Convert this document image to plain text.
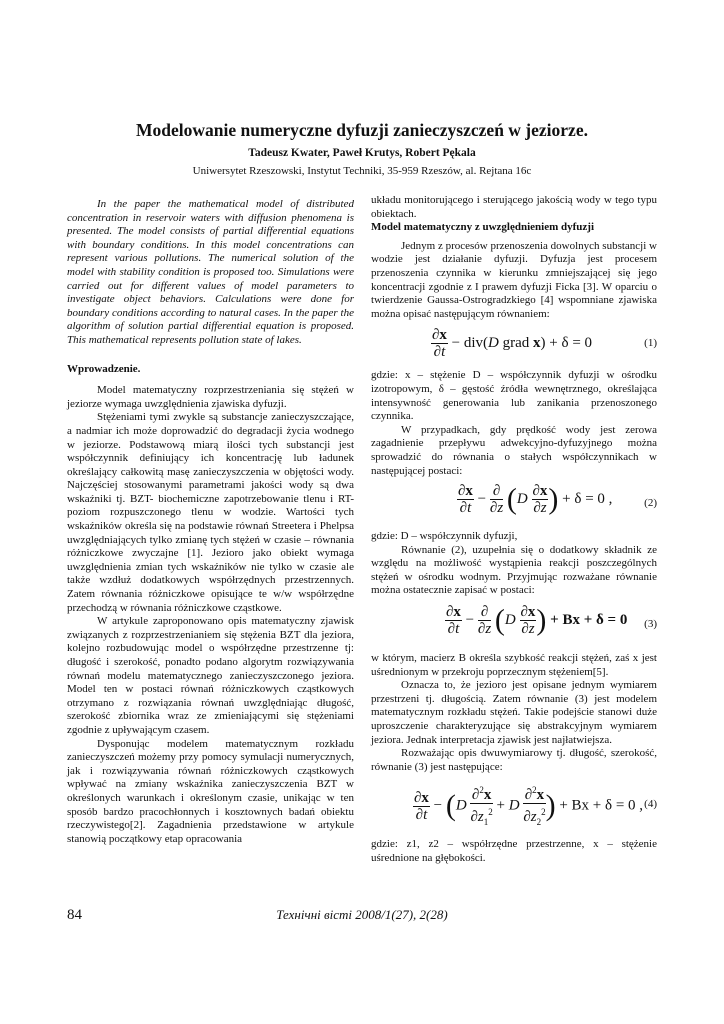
Modelowanie numeryczne dyfuzji zanieczyszczeń w jeziorze.
Tadeusz Kwater, Paweł Krutys, Robert Pękala
Uniwersytet Rzeszowski, Instytut Techniki, 35-959 Rzeszów, al. Rejtana 16c

In the paper the mathematical model of distributed concentration in reservoir waters with diffusion phenomena is presented. The model consists of partial differential equations with boundary conditions. In this model concentrations can represent various pollutions. The numerical solution of the model with stability condition is proposed too. Simulations were carried out for different values of model parameters to investigate object behaviors. Calculations were done for boundary conditions according to natural cases. In the paper the algorithm of solution partial differential equation is proposed. This mathematical represents pollution state of lakes.

Wprowadzenie.

Model matematyczny rozprzestrzeniania się stężeń w jeziorze wymaga uwzględnienia zjawiska dyfuzji.

Stężeniami tymi zwykle są substancje zanieczyszczające, a nadmiar ich może doprowadzić do degradacji życia wodnego w jeziorze. Podstawową miarą ilości tych substancji jest współczynnik definiujący ich koncentrację lub ładunek określający całkowitą masę zanieczyszczenia w objętości wody. Najczęściej stosowanymi parametrami jakości wody są dwa wskaźniki tj. BZT- biochemiczne zapotrzebowanie tlenu i RT- poziom rozpuszczonego tlenu w wodzie. Wartości tych wskaźników określa się na podstawie równań Streetera i Phelpsa uwzględniających tylko zmianę tych stężeń w czasie – równania różniczkowe zwyczajne [1]. Jezioro jako obiekt wymaga uwzględnienia zmian tych wskaźników nie tylko w czasie ale także wzdłuż dodatkowych współrzędnych przestrzennych. Zatem równania różniczkowe opisujące te w/w współrzędne przechodzą w równania różniczkowe cząstkowe.

W artykule zaproponowano opis matematyczny zjawisk związanych z rozprzestrzenianiem się stężenia BZT dla jeziora, kolejno rozbudowując model o współrzędne przestrzenne tj: długość i szerokość, ponadto podano algorytm rozwiązywania równań modelu matematycznego zanieczyszczonego jeziora. Model ten w postaci równań różniczkowych cząstkowych otrzymano z rozwiązania równań uwzględniając długość, szerokość zbiornika wraz ze zmieniającymi się stężeniami zgodnie z upływającym czasem.

Dysponując modelem matematycznym rozkładu zanieczyszczeń możemy przy pomocy symulacji numerycznych, jak i rozwiązywania równań różniczkowych cząstkowych wpływać na zmiany wskaźnika zanieczyszczenia BZT w określonych warunkach i określonym czasie, unikając w ten sposób bardzo pracochłonnych i kosztownych badań obiektu rzeczywistego[2]. Zagadnienia przedstawione w artykule stanowią początkowy etap opracowania

układu monitorującego i sterującego jakością wody w tego typu obiektach.

Model matematyczny z uwzględnieniem dyfuzji

Jednym z procesów przenoszenia dowolnych substancji w wodzie jest działanie dyfuzji. Dyfuzja jest procesem przenoszenia czynnika w kierunku zmniejszającej się jego koncentracji zgodnie z I prawem dyfuzji Ficka [3]. W oparciu o twierdzenie Gaussa-Ostrogradzkiego [4] wspomniane zjawiska można opisać następującym równaniem:

$\frac{\partial x}{\partial t} - div(D$ grad x) + δ = 0	(1)

gdzie: x – stężenie D – współczynnik dyfuzji w ośrodku izotropowym, δ – gęstość źródła wewnętrznego, określająca intensywność generowania lub zanikania przenoszonego czynnika.

W przypadkach, gdy prędkość wody jest zerowa zagadnienie przepływu adwekcyjno-dyfuzyjnego można sprowadzić do równania o stałych współczynnikach w następującej postaci:

$\frac{\partial x}{\partial t} - \frac{\partial}{\partial z} (D \frac{\partial x}{\partial z}$ ) + δ = 0 ,	(2)

gdzie: D – współczynnik dyfuzji,

Równanie (2), uzupełnia się o dodatkowy składnik ze względu na możliwość wystąpienia reakcji poszczególnych stężeń w ośrodku wodnym. Przyjmując rozważane równanie można ostatecznie zapisać w postaci:

$\frac{\partial x}{\partial t} - \frac{\partial}{\partial z} (D \frac{\partial x}{\partial z}$ ) + Bx + δ = 0 (3)

w którym, macierz B określa szybkość reakcji stężeń, zaś x jest uśrednionym w przekroju poprzecznym stężeniem[5].

Oznacza to, że jezioro jest opisane jednym wymiarem przestrzeni tj. długością. Zatem równanie (3) jest modelem matematycznym rozkładu stężeń. Takie podejście stanowi duże uproszczenie charakteryzujące się abstrakcyjnym wymiarem jeziora. Jednak interpretacja zjawisk jest najłatwiejsza.

Rozważając opis dwuwymiarowy tj. długość, szerokość, równanie (3) jest następujące:

$\frac{\partial x}{\partial t} - (D \frac{\partial^2x}{\partial z_1^2} + D \frac{\partial^2x}{\partial z_2^2}$ ) + Bx + δ = 0 , (4)

gdzie: z1, z2 – współrzędne przestrzenne, x – stężenie uśrednione na głębokości.

Технічні вісті 2008/1(27), 2(28)
84
